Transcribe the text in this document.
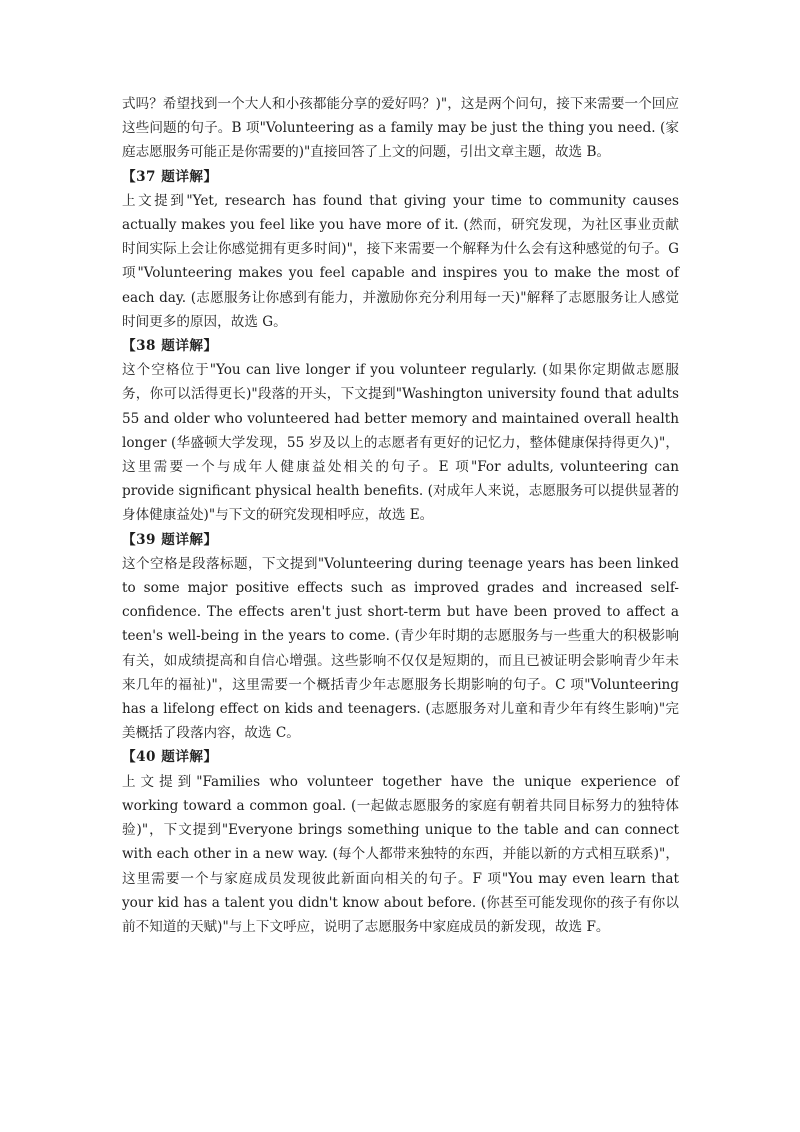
式吗？希望找到一个大人和小孩都能分享的爱好吗？)"，这是两个问句，接下来需要一个回应这些问题的句子。B 项"Volunteering as a family may be just the thing you need. (家庭志愿服务可能正是你需要的)"直接回答了上文的问题，引出文章主题，故选 B。

【37 题详解】

上文提到"Yet, research has found that giving your time to community causes actually makes you feel like you have more of it. (然而，研究发现，为社区事业贡献时间实际上会让你感觉拥有更多时间)"，接下来需要一个解释为什么会有这种感觉的句子。G 项"Volunteering makes you feel capable and inspires you to make the most of each day. (志愿服务让你感到有能力，并激励你充分利用每一天)"解释了志愿服务让人感觉时间更多的原因，故选 G。

【38 题详解】

这个空格位于"You can live longer if you volunteer regularly. (如果你定期做志愿服务，你可以活得更长)"段落的开头，下文提到"Washington university found that adults 55 and older who volunteered had better memory and maintained overall health longer (华盛顿大学发现，55 岁及以上的志愿者有更好的记忆力，整体健康保持得更久)"，这里需要一个与成年人健康益处相关的句子。E 项"For adults, volunteering can provide significant physical health benefits. (对成年人来说，志愿服务可以提供显著的身体健康益处)"与下文的研究发现相呼应，故选 E。

【39 题详解】

这个空格是段落标题，下文提到"Volunteering during teenage years has been linked to some major positive effects such as improved grades and increased self-confidence. The effects aren't just short-term but have been proved to affect a teen's well-being in the years to come. (青少年时期的志愿服务与一些重大的积极影响有关，如成绩提高和自信心增强。这些影响不仅仅是短期的，而且已被证明会影响青少年未来几年的福祉)"，这里需要一个概括青少年志愿服务长期影响的句子。C 项"Volunteering has a lifelong effect on kids and teenagers. (志愿服务对儿童和青少年有终生影响)"完美概括了段落内容，故选 C。

【40 题详解】

上文提到"Families who volunteer together have the unique experience of working toward a common goal. (一起做志愿服务的家庭有朝着共同目标努力的独特体验)"，下文提到"Everyone brings something unique to the table and can connect with each other in a new way. (每个人都带来独特的东西，并能以新的方式相互联系)"，这里需要一个与家庭成员发现彼此新面向相关的句子。F 项"You may even learn that your kid has a talent you didn't know about before. (你甚至可能发现你的孩子有你以前不知道的天赋)"与上下文呼应，说明了志愿服务中家庭成员的新发现，故选 F。
